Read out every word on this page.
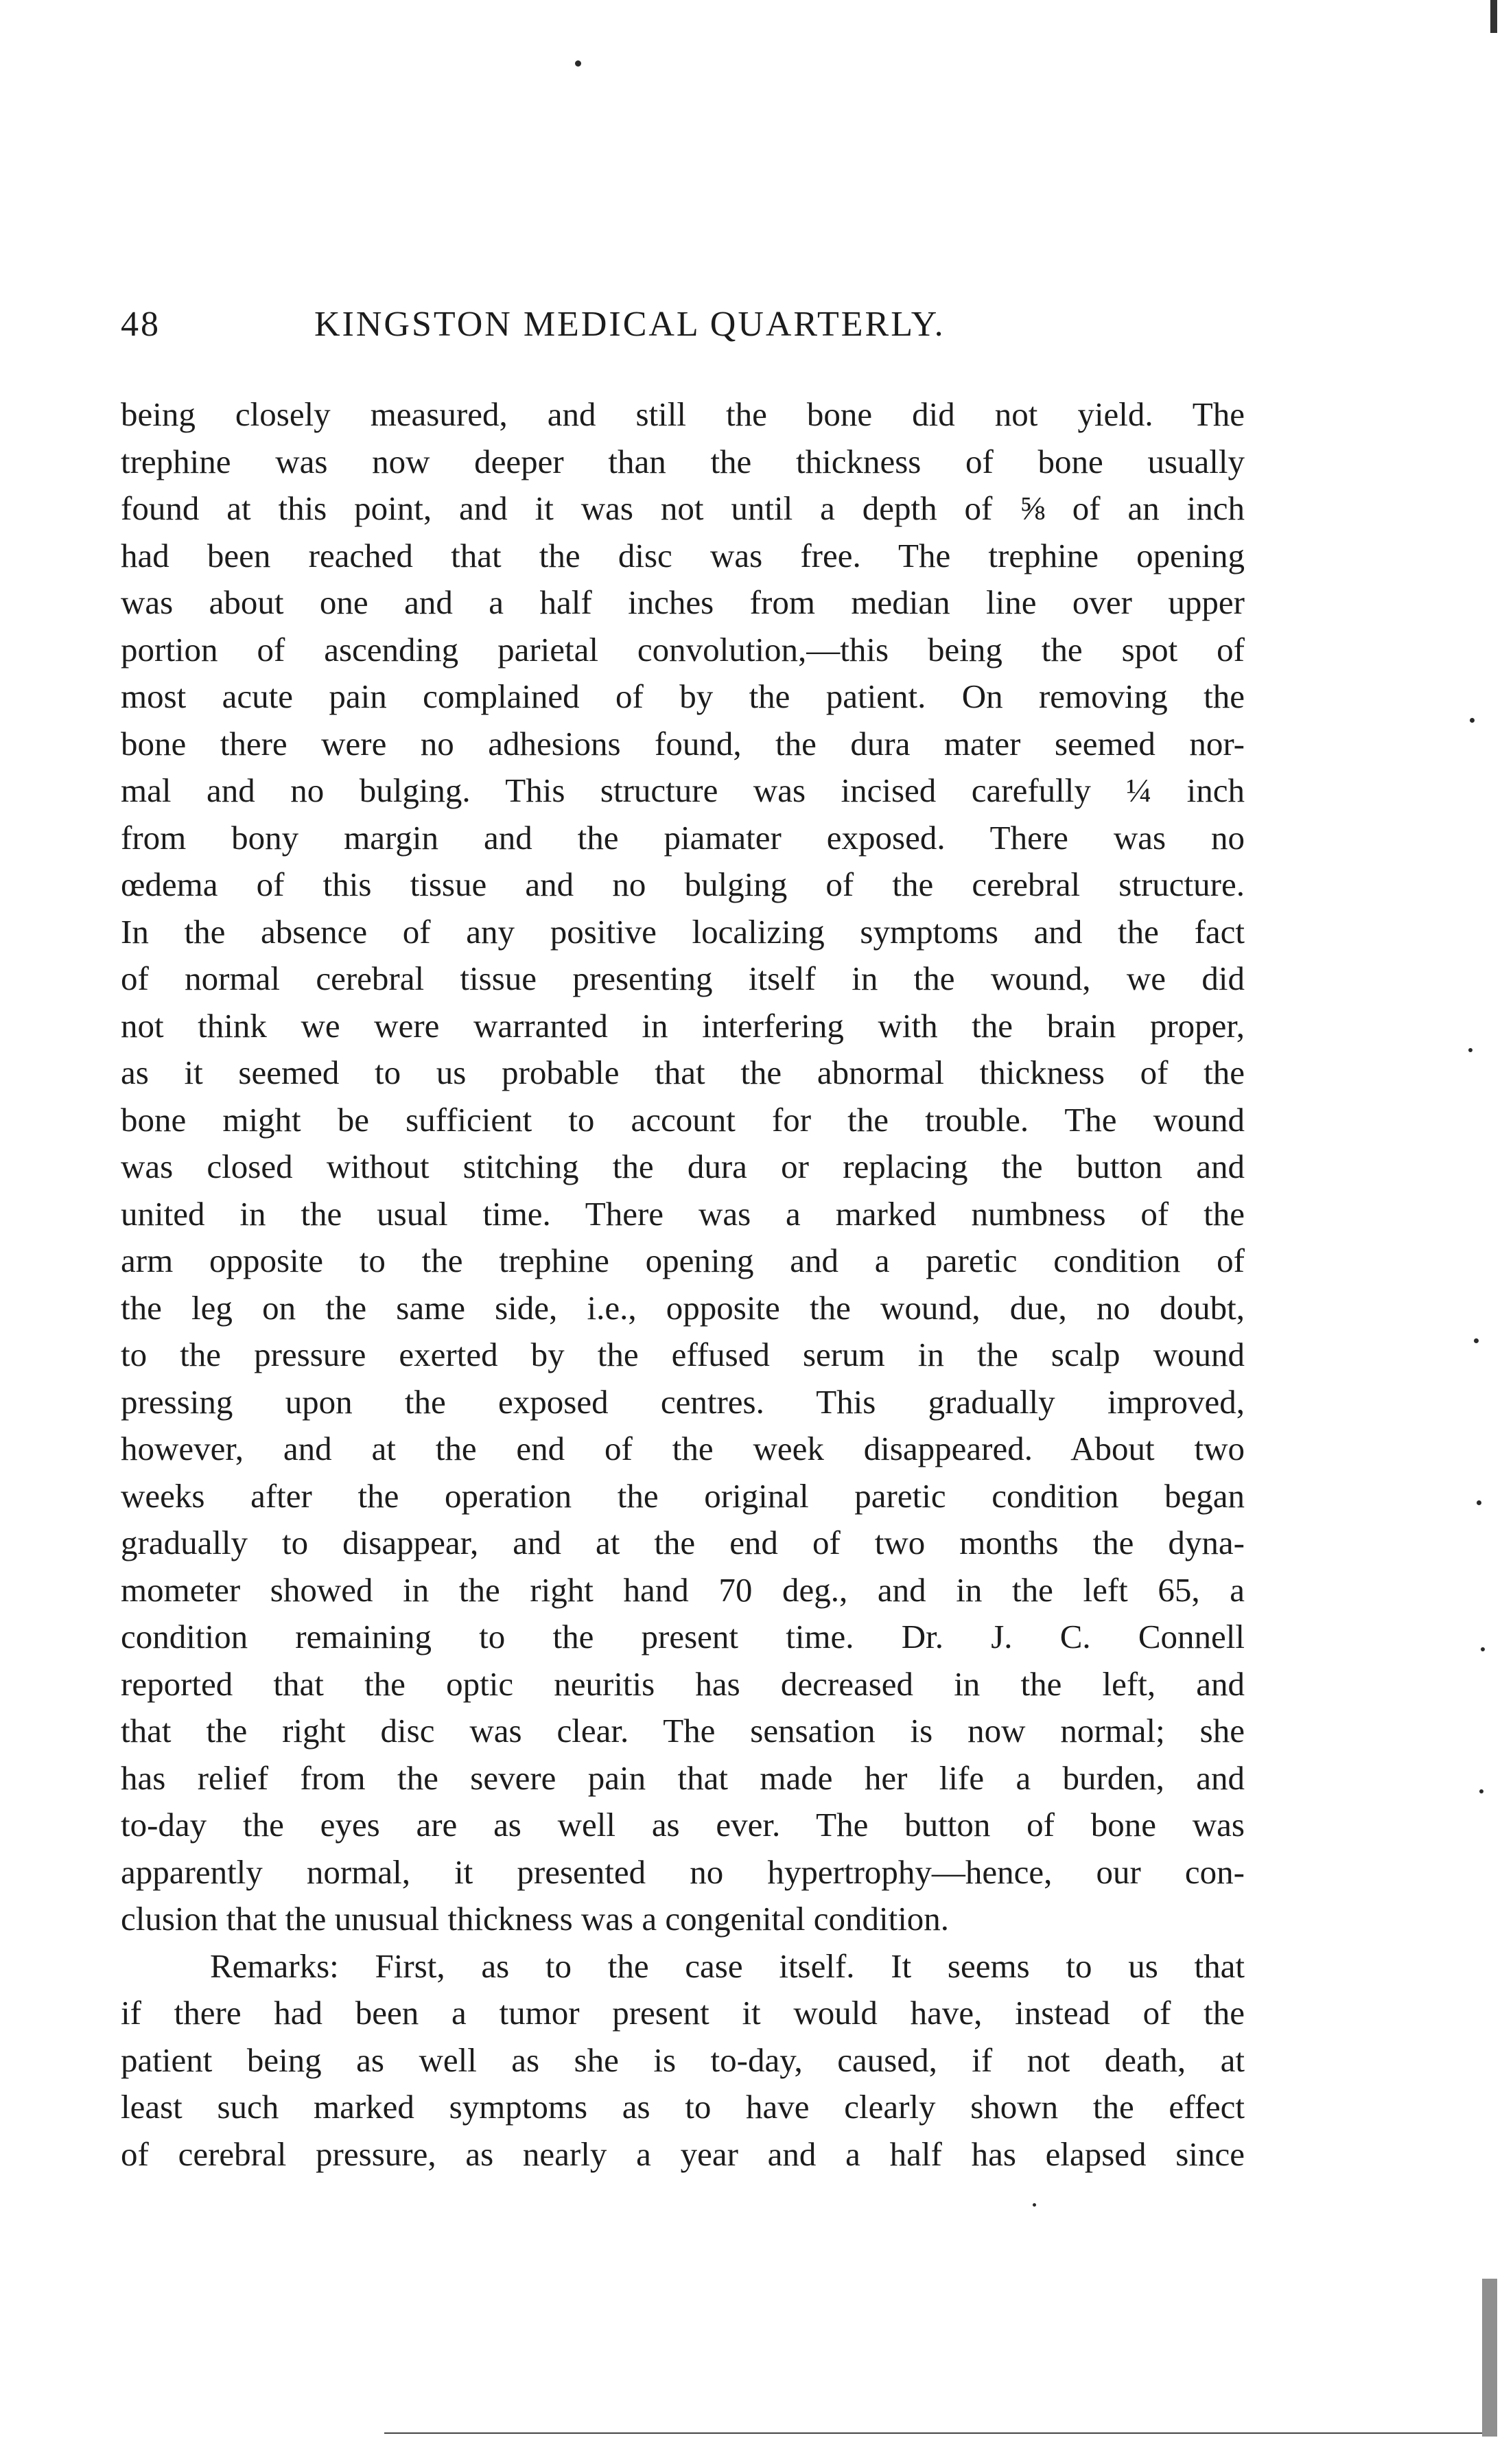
48	KINGSTON MEDICAL QUARTERLY.
being closely measured, and still the bone did not yield. The
trephine was now deeper than the thickness of bone usually
found at this point, and it was not until a depth of ⅝ of an inch
had been reached that the disc was free. The trephine opening
was about one and a half inches from median line over upper
portion of ascending parietal convolution,—this being the spot of
most acute pain complained of by the patient. On removing the
bone there were no adhesions found, the dura mater seemed nor-
mal and no bulging. This structure was incised carefully ¼ inch
from bony margin and the piamater exposed. There was no
œdema of this tissue and no bulging of the cerebral structure.
In the absence of any positive localizing symptoms and the fact
of normal cerebral tissue presenting itself in the wound, we did
not think we were warranted in interfering with the brain proper,
as it seemed to us probable that the abnormal thickness of the
bone might be sufficient to account for the trouble. The wound
was closed without stitching the dura or replacing the button and
united in the usual time. There was a marked numbness of the
arm opposite to the trephine opening and a paretic condition of
the leg on the same side, i.e., opposite the wound, due, no doubt,
to the pressure exerted by the effused serum in the scalp wound
pressing upon the exposed centres. This gradually improved,
however, and at the end of the week disappeared. About two
weeks after the operation the original paretic condition began
gradually to disappear, and at the end of two months the dyna-
mometer showed in the right hand 70 deg., and in the left 65, a
condition remaining to the present time. Dr. J. C. Connell
reported that the optic neuritis has decreased in the left, and
that the right disc was clear. The sensation is now normal; she
has relief from the severe pain that made her life a burden, and
to-day the eyes are as well as ever. The button of bone was
apparently normal, it presented no hypertrophy—hence, our con-
clusion that the unusual thickness was a congenital condition.
Remarks: First, as to the case itself. It seems to us that
if there had been a tumor present it would have, instead of the
patient being as well as she is to-day, caused, if not death, at
least such marked symptoms as to have clearly shown the effect
of cerebral pressure, as nearly a year and a half has elapsed since
